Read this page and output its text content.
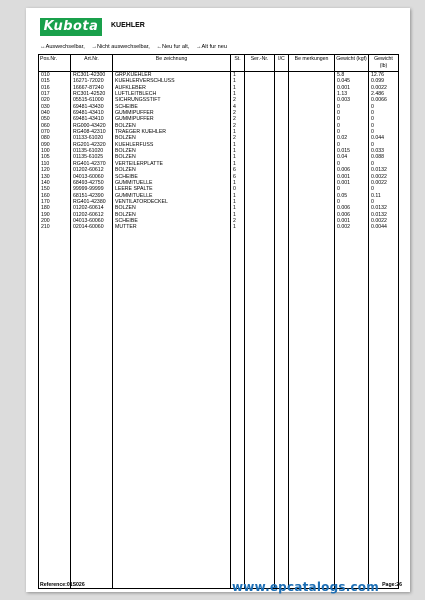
Kubota	KUEHLER
↔Auswechselbar, →Nicht auswechselbar, ←Neu fur alt, →Alt fur neu
Pos.Nr.	Art.Nr.	Be zeichnung	St.	Ser.-Nr.	I/C	Be merkungen	Gewicht (kgf)	Gewicht (lb)
010	RC301-42300	GRP.KUEHLER	1				5.8	12.76
015	16271-72020	KUEHLERVERSCHLUSS	1				0.045	0.099
016	16667-87240	AUFKLEBER	1				0.001	0.0022
017	RC301-42520	LUFTLEITBLECH	1				1.13	2.486
020	05515-61000	SICHRUNGSSTIFT	2				0.003	0.0066
030	69481-43430	SCHEIBE	4				0	0
040	69481-43410	GUMMIPUFFER	2				0	0
050	69481-43410	GUMMIPUFFER	2				0	0
060	RG000-43420	BOLZEN	2				0	0
070	RG408-42310	TRAEGER KUEHLER	1				0	0
080	01133-61020	BOLZEN	2				0.02	0.044
090	RG201-42320	KUEHLERFUSS	1				0	0
100	01135-61020	BOLZEN	1				0.015	0.033
105	01135-61025	BOLZEN	1				0.04	0.088
110	RG401-42370	VERTEILERPLATTE	1				0	0
120	01202-60612	BOLZEN	6				0.006	0.0132
130	04013-60060	SCHEIBE	6				0.001	0.0022
140	68493-42750	GUMMITUELLE	1				0.001	0.0022
150	99999-99999	LEERE SPALTE	0				0	0
160	68151-42390	GUMMITUELLE	1				0.05	0.11
170	RG401-42380	VENTILATORDECKEL	1				0	0
180	01202-60614	BOLZEN	1				0.006	0.0132
190	01202-60612	BOLZEN	1				0.006	0.0132
200	04013-60060	SCHEIBE	2				0.001	0.0022
210	02014-60060	MUTTER	1				0.002	0.0044

Reference:01S026	Page:26
www.epcatalogs.com
